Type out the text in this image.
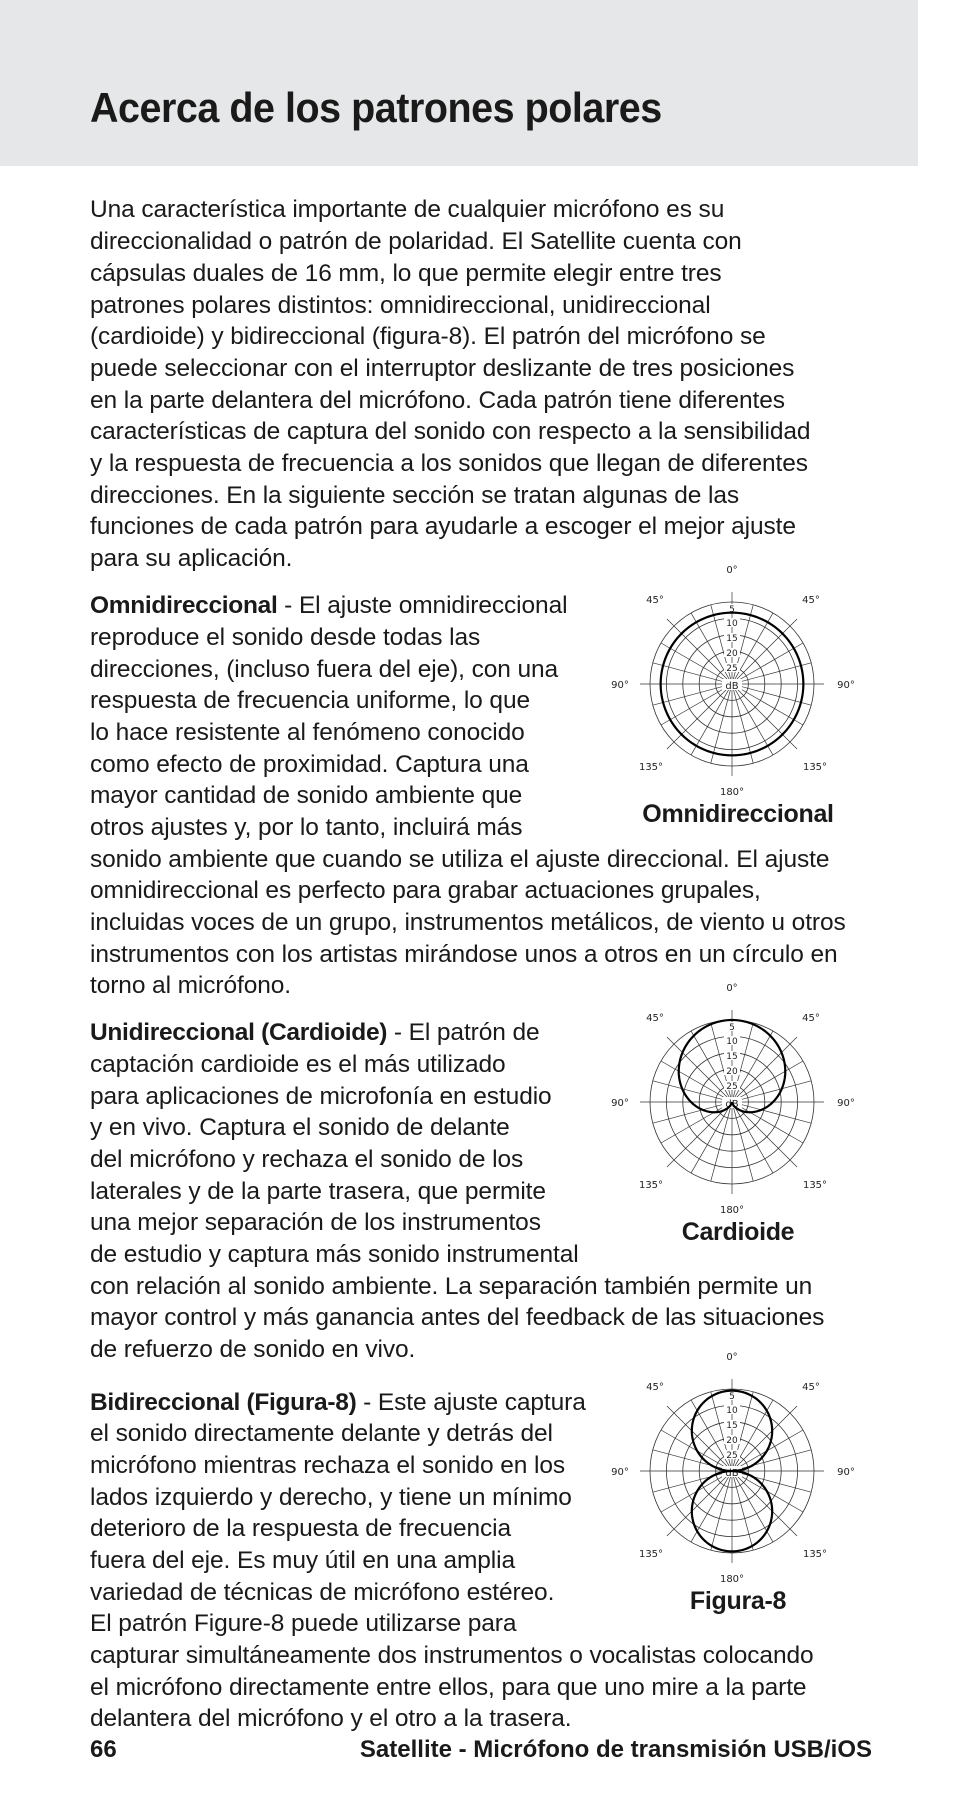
Acerca de los patrones polares
Una característica importante de cualquier micrófono es su
direccionalidad o patrón de polaridad. El Satellite cuenta con
cápsulas duales de 16 mm, lo que permite elegir entre tres
patrones polares distintos: omnidireccional, unidireccional
(cardioide) y bidireccional (figura-8). El patrón del micrófono se
puede seleccionar con el interruptor deslizante de tres posiciones
en la parte delantera del micrófono. Cada patrón tiene diferentes
características de captura del sonido con respecto a la sensibilidad
y la respuesta de frecuencia a los sonidos que llegan de diferentes
direcciones. En la siguiente sección se tratan algunas de las
funciones de cada patrón para ayudarle a escoger el mejor ajuste
para su aplicación.
Omnidireccional - El ajuste omnidireccional
reproduce el sonido desde todas las
direcciones, (incluso fuera del eje), con una
respuesta de frecuencia uniforme, lo que
lo hace resistente al fenómeno conocido
como efecto de proximidad. Captura una
mayor cantidad de sonido ambiente que
otros ajustes y, por lo tanto, incluirá más
sonido ambiente que cuando se utiliza el ajuste direccional. El ajuste
omnidireccional es perfecto para grabar actuaciones grupales,
incluidas voces de un grupo, instrumentos metálicos, de viento u otros
instrumentos con los artistas mirándose unos a otros en un círculo en
torno al micrófono.
5
10
15
20
25
dB
0°
180°
90°	90°
45°	45°
135°	135°
Omnidireccional
Unidireccional (Cardioide) - El patrón de
captación cardioide es el más utilizado
para aplicaciones de microfonía en estudio
y en vivo. Captura el sonido de delante
del micrófono y rechaza el sonido de los
laterales y de la parte trasera, que permite
una mejor separación de los instrumentos
de estudio y captura más sonido instrumental
con relación al sonido ambiente. La separación también permite un
mayor control y más ganancia antes del feedback de las situaciones
de refuerzo de sonido en vivo.
5
10
15
20
25
dB
0°
180°
90°	90°
45°	45°
135°	135°
Cardioide
Bidireccional (Figura-8) - Este ajuste captura
el sonido directamente delante y detrás del
micrófono mientras rechaza el sonido en los
lados izquierdo y derecho, y tiene un mínimo
deterioro de la respuesta de frecuencia
fuera del eje. Es muy útil en una amplia
variedad de técnicas de micrófono estéreo.
El patrón Figure-8 puede utilizarse para
capturar simultáneamente dos instrumentos o vocalistas colocando
el micrófono directamente entre ellos, para que uno mire a la parte
delantera del micrófono y el otro a la trasera.
5
10
15
20
25
dB
0°
180°
90°	90°
45°	45°
135°	135°
Figura-8
66	Satellite - Micrófono de transmisión USB/iOS
